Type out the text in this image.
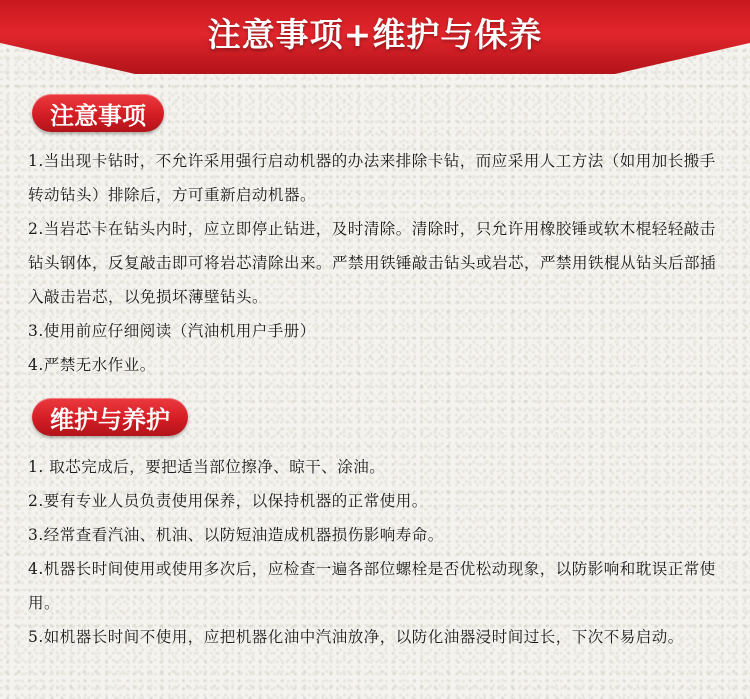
注意事项+维护与保养
注意事项
1.当出现卡钻时，不允许采用强行启动机器的办法来排除卡钻，而应采用人工方法（如用加长搬手转动钻头）排除后，方可重新启动机器。
2.当岩芯卡在钻头内时，应立即停止钻进，及时清除。清除时，只允许用橡胶锤或软木棍轻轻敲击钻头钢体，反复敲击即可将岩芯清除出来。严禁用铁锤敲击钻头或岩芯，严禁用铁棍从钻头后部插入敲击岩芯，以免损坏薄壁钻头。
3.使用前应仔细阅读（汽油机用户手册）
4.严禁无水作业。
维护与养护
1. 取芯完成后，要把适当部位擦净、晾干、涂油。
2.要有专业人员负责使用保养，以保持机器的正常使用。
3.经常查看汽油、机油、以防短油造成机器损伤影响寿命。
4.机器长时间使用或使用多次后，应检查一遍各部位螺栓是否优松动现象，以防影响和耽误正常使用。
5.如机器长时间不使用，应把机器化油中汽油放净，以防化油器浸时间过长，下次不易启动。
